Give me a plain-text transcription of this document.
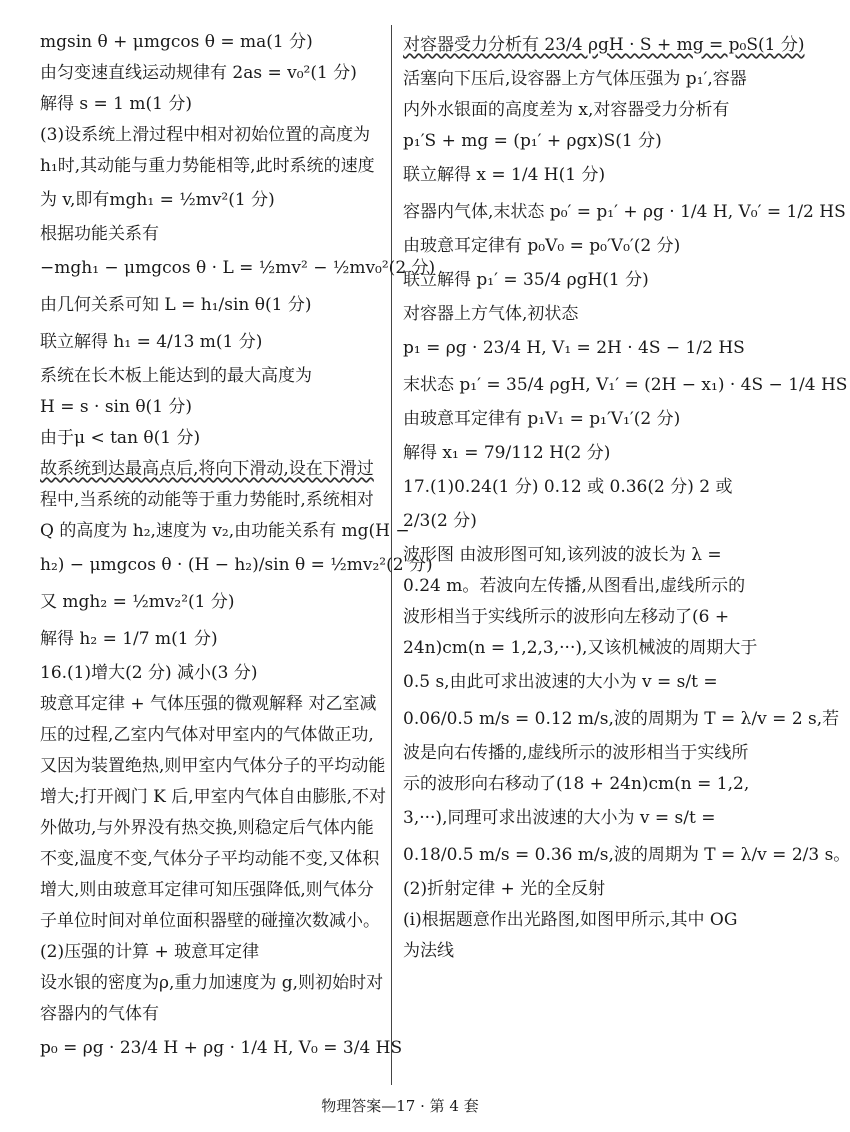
mgsin θ + μmgcos θ = ma(1 分)
由匀变速直线运动规律有 2as = v₀²(1 分)
解得 s = 1 m(1 分)
(3)设系统上滑过程中相对初始位置的高度为
h₁时,其动能与重力势能相等,此时系统的速度
为 v,即有mgh₁ = ½mv²(1 分)
根据功能关系有
−mgh₁ − μmgcos θ · L = ½mv² − ½mv₀²(2 分)
由几何关系可知 L = h₁/sin θ(1 分)
联立解得 h₁ = 4/13 m(1 分)
系统在长木板上能达到的最大高度为
H = s · sin θ(1 分)
由于μ < tan θ(1 分)
故系统到达最高点后,将向下滑动,设在下滑过
程中,当系统的动能等于重力势能时,系统相对
Q 的高度为 h₂,速度为 v₂,由功能关系有 mg(H −
h₂) − μmgcos θ · (H − h₂)/sin θ = ½mv₂²(2 分)
又 mgh₂ = ½mv₂²(1 分)
解得 h₂ = 1/7 m(1 分)
16.(1)增大(2 分) 减小(3 分)
玻意耳定律 + 气体压强的微观解释 对乙室减
压的过程,乙室内气体对甲室内的气体做正功,
又因为装置绝热,则甲室内气体分子的平均动能
增大;打开阀门 K 后,甲室内气体自由膨胀,不对
外做功,与外界没有热交换,则稳定后气体内能
不变,温度不变,气体分子平均动能不变,又体积
增大,则由玻意耳定律可知压强降低,则气体分
子单位时间对单位面积器壁的碰撞次数减小。
(2)压强的计算 + 玻意耳定律
设水银的密度为ρ,重力加速度为 g,则初始时对
容器内的气体有
p₀ = ρg · 23/4 H + ρg · 1/4 H, V₀ = 3/4 HS
对容器受力分析有 23/4 ρgH · S + mg = p₀S(1 分)
活塞向下压后,设容器上方气体压强为 p₁′,容器
内外水银面的高度差为 x,对容器受力分析有
p₁′S + mg = (p₁′ + ρgx)S(1 分)
联立解得 x = 1/4 H(1 分)
容器内气体,末状态 p₀′ = p₁′ + ρg · 1/4 H, V₀′ = 1/2 HS
由玻意耳定律有 p₀V₀ = p₀′V₀′(2 分)
联立解得 p₁′ = 35/4 ρgH(1 分)
对容器上方气体,初状态
p₁ = ρg · 23/4 H, V₁ = 2H · 4S − 1/2 HS
末状态 p₁′ = 35/4 ρgH, V₁′ = (2H − x₁) · 4S − 1/4 HS
由玻意耳定律有 p₁V₁ = p₁′V₁′(2 分)
解得 x₁ = 79/112 H(2 分)
17.(1)0.24(1 分) 0.12 或 0.36(2 分) 2 或
2/3(2 分)
波形图 由波形图可知,该列波的波长为 λ =
0.24 m。若波向左传播,从图看出,虚线所示的
波形相当于实线所示的波形向左移动了(6 +
24n)cm(n = 1,2,3,···),又该机械波的周期大于
0.5 s,由此可求出波速的大小为 v = s/t =
0.06/0.5 m/s = 0.12 m/s,波的周期为 T = λ/v = 2 s,若
波是向右传播的,虚线所示的波形相当于实线所
示的波形向右移动了(18 + 24n)cm(n = 1,2,
3,···),同理可求出波速的大小为 v = s/t =
0.18/0.5 m/s = 0.36 m/s,波的周期为 T = λ/v = 2/3 s。
(2)折射定律 + 光的全反射
(i)根据题意作出光路图,如图甲所示,其中 OG
为法线
物理答案—17 · 第 4 套
